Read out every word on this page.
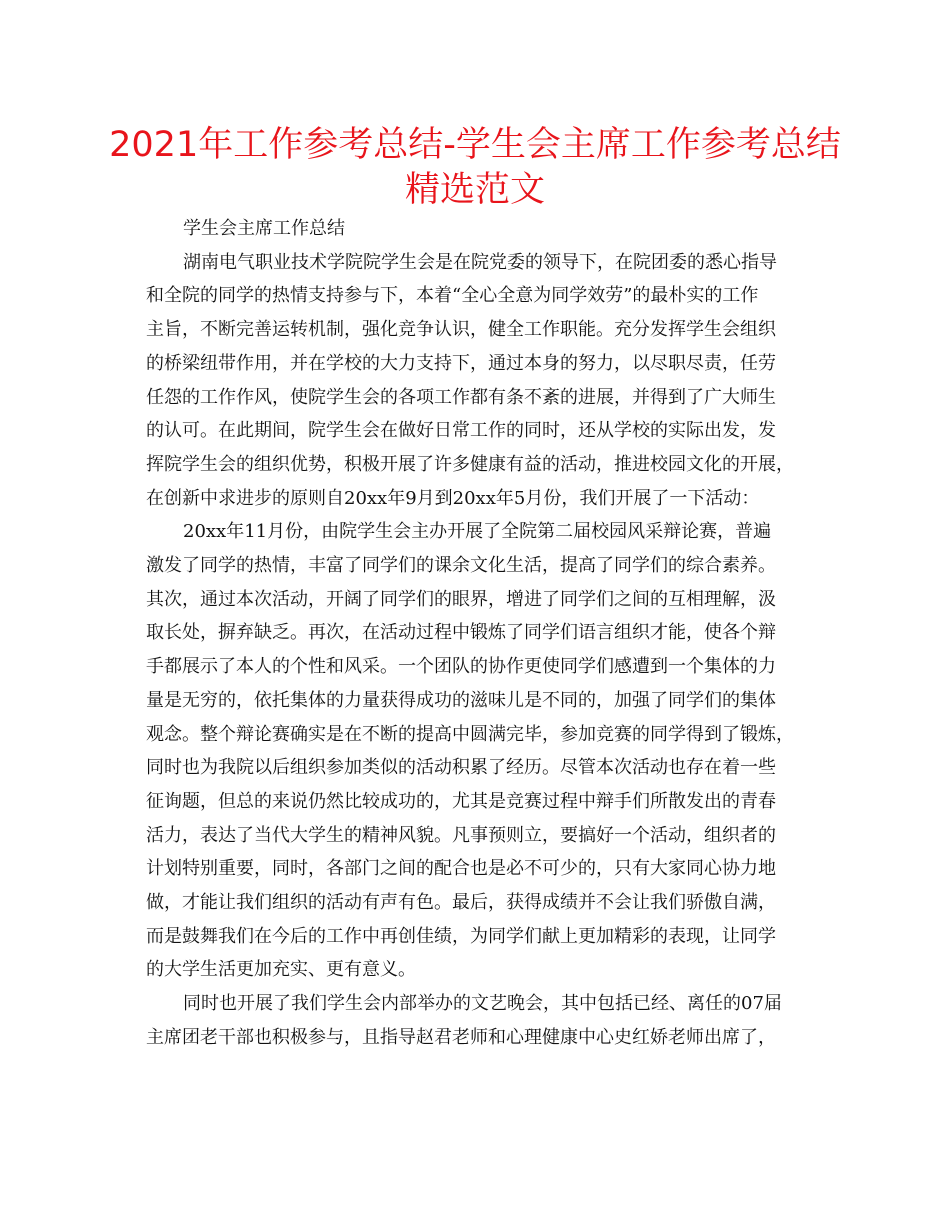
2021年工作参考总结-学生会主席工作参考总结
精选范文

学生会主席工作总结

湖南电气职业技术学院院学生会是在院党委的领导下，在院团委的悉心指导
和全院的同学的热情支持参与下，本着“全心全意为同学效劳”的最朴实的工作
主旨，不断完善运转机制，强化竞争认识，健全工作职能。充分发挥学生会组织
的桥梁纽带作用，并在学校的大力支持下，通过本身的努力，以尽职尽责，任劳
任怨的工作作风，使院学生会的各项工作都有条不紊的进展，并得到了广大师生
的认可。在此期间，院学生会在做好日常工作的同时，还从学校的实际出发，发
挥院学生会的组织优势，积极开展了许多健康有益的活动，推进校园文化的开展，
在创新中求进步的原则自20xx年9月到20xx年5月份，我们开展了一下活动：

20xx年11月份，由院学生会主办开展了全院第二届校园风采辩论赛，普遍
激发了同学的热情，丰富了同学们的课余文化生活，提高了同学们的综合素养。
其次，通过本次活动，开阔了同学们的眼界，增进了同学们之间的互相理解，汲
取长处，摒弃缺乏。再次，在活动过程中锻炼了同学们语言组织才能，使各个辩
手都展示了本人的个性和风采。一个团队的协作更使同学们感遭到一个集体的力
量是无穷的，依托集体的力量获得成功的滋味儿是不同的，加强了同学们的集体
观念。整个辩论赛确实是在不断的提高中圆满完毕，参加竞赛的同学得到了锻炼，
同时也为我院以后组织参加类似的活动积累了经历。尽管本次活动也存在着一些
征询题，但总的来说仍然比较成功的，尤其是竞赛过程中辩手们所散发出的青春
活力，表达了当代大学生的精神风貌。凡事预则立，要搞好一个活动，组织者的
计划特别重要，同时，各部门之间的配合也是必不可少的，只有大家同心协力地
做，才能让我们组织的活动有声有色。最后，获得成绩并不会让我们骄傲自满，
而是鼓舞我们在今后的工作中再创佳绩，为同学们献上更加精彩的表现，让同学
的大学生活更加充实、更有意义。

同时也开展了我们学生会内部举办的文艺晚会，其中包括已经、离任的07届
主席团老干部也积极参与，且指导赵君老师和心理健康中心史红娇老师出席了，
